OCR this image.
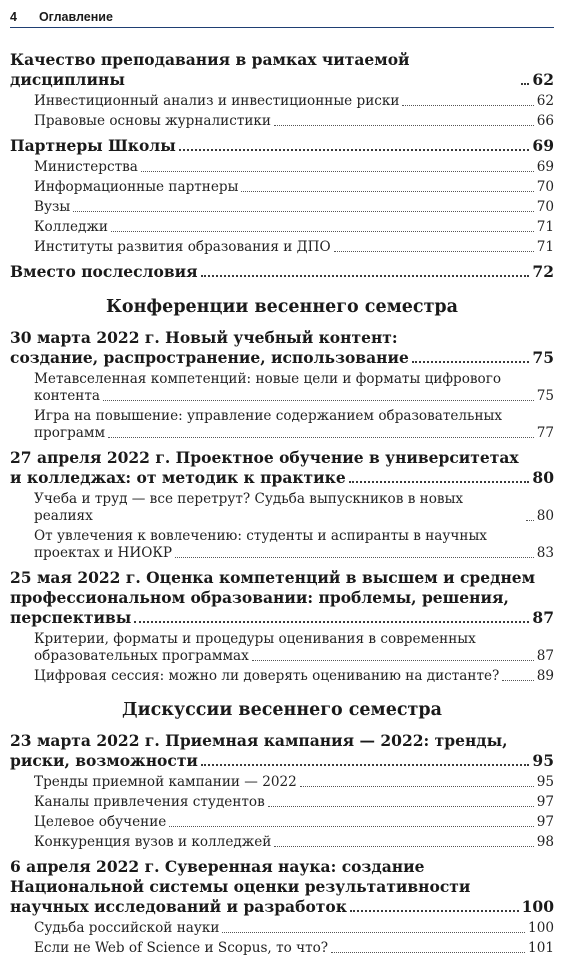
4 Оглавление
Качество преподавания в рамках читаемой дисциплины	62
Инвестиционный анализ и инвестиционные риски	62
Правовые основы журналистики	66
Партнеры Школы	69
Министерства	69
Информационные партнеры	70
Вузы	70
Колледжи	71
Институты развития образования и ДПО	71
Вместо послесловия	72
Конференции весеннего семестра
30 марта 2022 г. Новый учебный контент:
создание, распространение, использование	75
Метавселенная компетенций: новые цели и форматы цифрового
контента	75
Игра на повышение: управление содержанием образовательных
программ	77
27 апреля 2022 г. Проектное обучение в университетах
и колледжах: от методик к практике	80
Учеба и труд — все перетрут? Судьба выпускников в новых реалиях	80
От увлечения к вовлечению: студенты и аспиранты в научных
проектах и НИОКР	83
25 мая 2022 г. Оценка компетенций в высшем и среднем
профессиональном образовании: проблемы, решения,
перспективы	87
Критерии, форматы и процедуры оценивания в современных
образовательных программах	87
Цифровая сессия: можно ли доверять оцениванию на дистанте?	89
Дискуссии весеннего семестра
23 марта 2022 г. Приемная кампания — 2022: тренды,
риски, возможности	95
Тренды приемной кампании — 2022	95
Каналы привлечения студентов	97
Целевое обучение	97
Конкуренция вузов и колледжей	98
6 апреля 2022 г. Суверенная наука: создание
Национальной системы оценки результативности
научных исследований и разработок	100
Судьба российской науки	100
Если не Web of Science и Scopus, то что?	101
